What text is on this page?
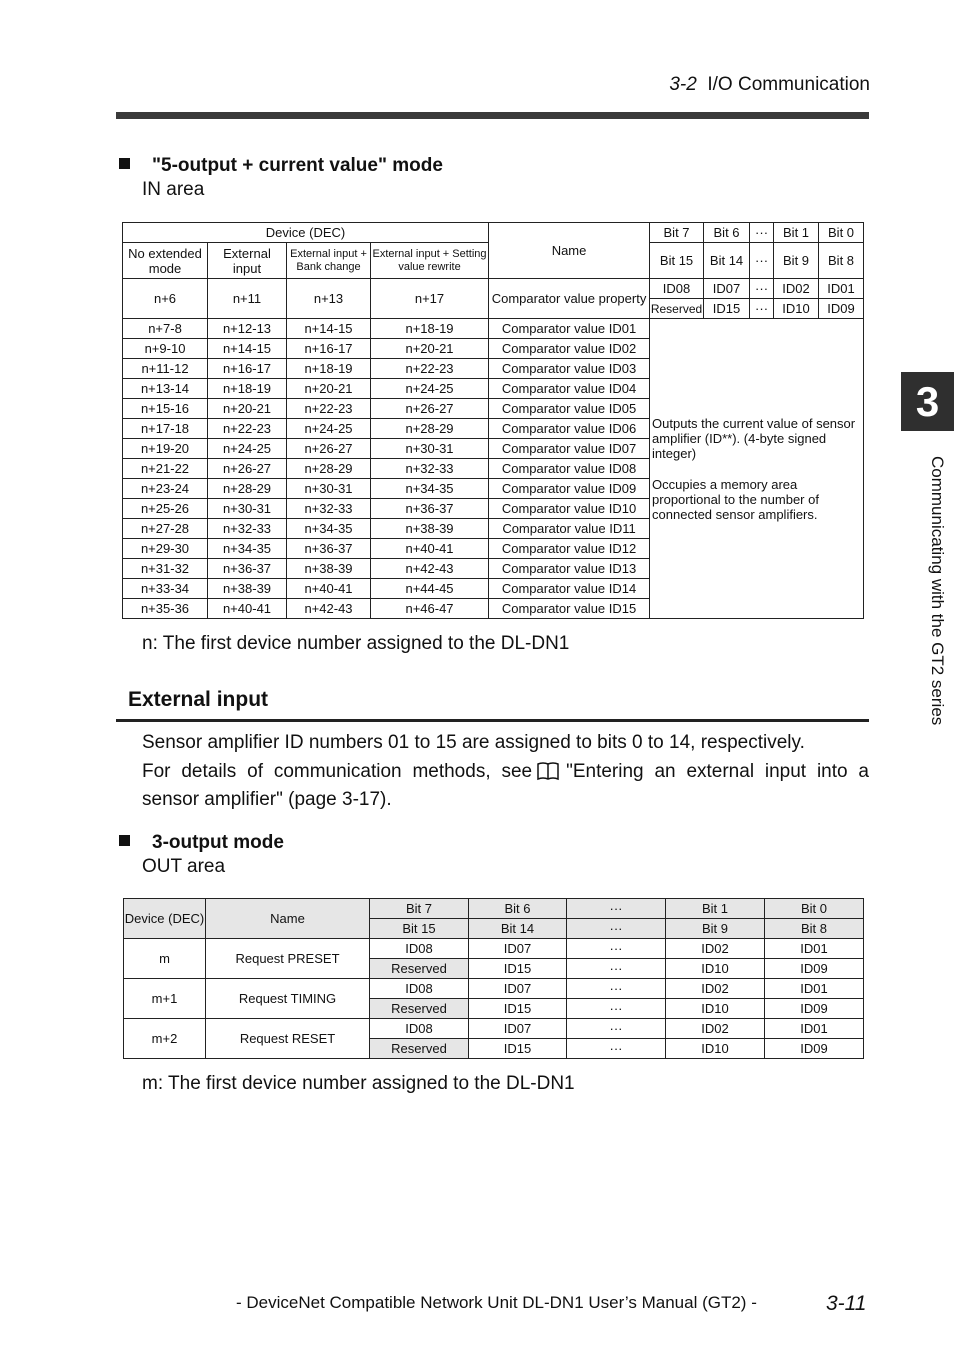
3-2 I/O Communication
"5-output + current value" mode
IN area
Device (DEC)				Name	Bit 7	Bit 6	···	Bit 1	Bit 0
No extended mode	External input	External input + Bank change	External input + Setting value rewrite		Bit 15	Bit 14	···	Bit 9	Bit 8
n+6	n+11	n+13	n+17	Comparator value property	ID08	ID07	···	ID02	ID01
					Reserved	ID15	···	ID10	ID09
n+7-8	n+12-13	n+14-15	n+18-19	Comparator value ID01	Outputs the current value of sensor amplifier (ID**). (4-byte signed integer)

Occupies a memory area proportional to the number of connected sensor amplifiers.				

n+9-10	n+14-15	n+16-17	n+20-21	Comparator value ID02					
n+11-12	n+16-17	n+18-19	n+22-23	Comparator value ID03					
n+13-14	n+18-19	n+20-21	n+24-25	Comparator value ID04					
n+15-16	n+20-21	n+22-23	n+26-27	Comparator value ID05					
n+17-18	n+22-23	n+24-25	n+28-29	Comparator value ID06					
n+19-20	n+24-25	n+26-27	n+30-31	Comparator value ID07					
n+21-22	n+26-27	n+28-29	n+32-33	Comparator value ID08					
n+23-24	n+28-29	n+30-31	n+34-35	Comparator value ID09					
n+25-26	n+30-31	n+32-33	n+36-37	Comparator value ID10					
n+27-28	n+32-33	n+34-35	n+38-39	Comparator value ID11					
n+29-30	n+34-35	n+36-37	n+40-41	Comparator value ID12					
n+31-32	n+36-37	n+38-39	n+42-43	Comparator value ID13					
n+33-34	n+38-39	n+40-41	n+44-45	Comparator value ID14					
n+35-36	n+40-41	n+42-43	n+46-47	Comparator value ID15					
n: The first device number assigned to the DL-DN1
External input
Sensor amplifier ID numbers 01 to 15 are assigned to bits 0 to 14, respectively.
For details of communication methods, see "Entering an external input into a sensor amplifier" (page 3-17).
3-output mode
OUT area
Device (DEC)	Name	Bit 7	Bit 6	···	Bit 1	Bit 0
		Bit 15	Bit 14	···	Bit 9	Bit 8
m	Request PRESET	ID08	ID07	···	ID02	ID01
		Reserved	ID15	···	ID10	ID09
m+1	Request TIMING	ID08	ID07	···	ID02	ID01
		Reserved	ID15	···	ID10	ID09
m+2	Request RESET	ID08	ID07	···	ID02	ID01
		Reserved	ID15	···	ID10	ID09
m: The first device number assigned to the DL-DN1
3
Communicating with the GT2 series
- DeviceNet Compatible Network Unit DL-DN1 User’s Manual (GT2) -	3-11
